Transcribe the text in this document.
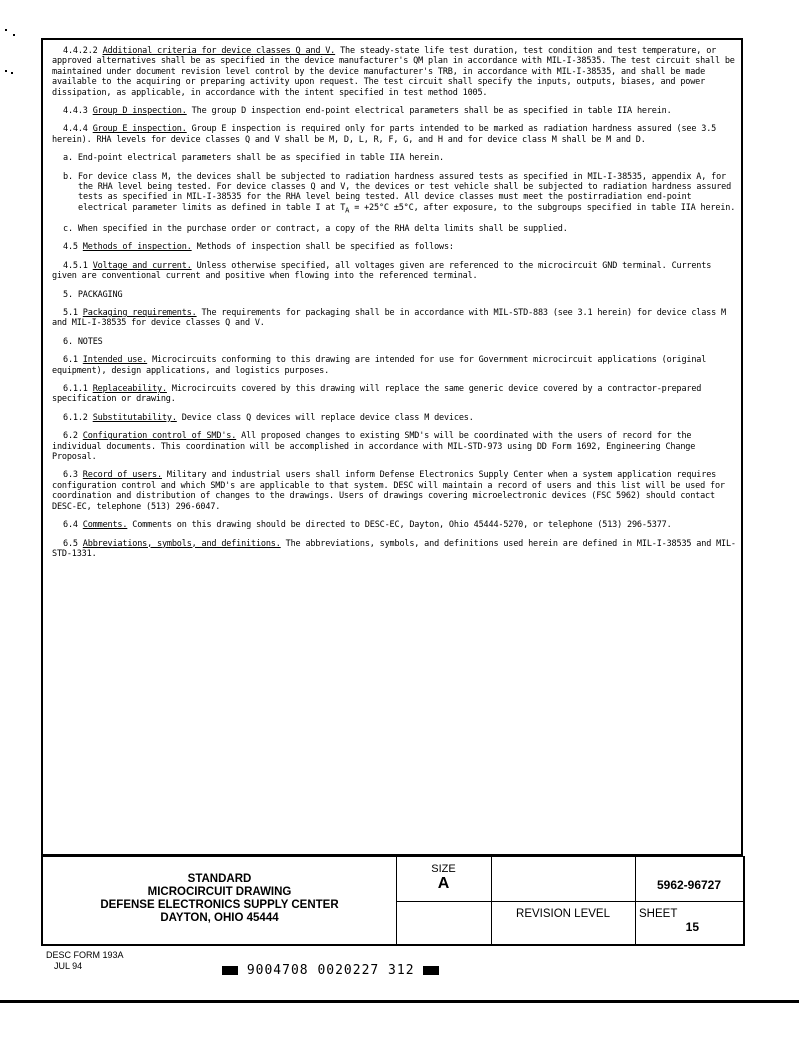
4.4.2.2 Additional criteria for device classes Q and V. The steady-state life test duration, test condition and test temperature, or approved alternatives shall be as specified in the device manufacturer's QM plan in accordance with MIL-I-38535. The test circuit shall be maintained under document revision level control by the device manufacturer's TRB, in accordance with MIL-I-38535, and shall be made available to the acquiring or preparing activity upon request. The test circuit shall specify the inputs, outputs, biases, and power dissipation, as applicable, in accordance with the intent specified in test method 1005.

4.4.3 Group D inspection. The group D inspection end-point electrical parameters shall be as specified in table IIA herein.

4.4.4 Group E inspection. Group E inspection is required only for parts intended to be marked as radiation hardness assured (see 3.5 herein). RHA levels for device classes Q and V shall be M, D, L, R, F, G, and H and for device class M shall be M and D.

a. End-point electrical parameters shall be as specified in table IIA herein.

b. For device class M, the devices shall be subjected to radiation hardness assured tests as specified in MIL-I-38535, appendix A, for the RHA level being tested. For device classes Q and V, the devices or test vehicle shall be subjected to radiation hardness assured tests as specified in MIL-I-38535 for the RHA level being tested. All device classes must meet the postirradiation end-point electrical parameter limits as defined in table I at $T_A = +25^\circ C \pm 5^\circ C$, after exposure, to the subgroups specified in table IIA herein.

c. When specified in the purchase order or contract, a copy of the RHA delta limits shall be supplied.

4.5 Methods of inspection. Methods of inspection shall be specified as follows:

4.5.1 Voltage and current. Unless otherwise specified, all voltages given are referenced to the microcircuit GND terminal. Currents given are conventional current and positive when flowing into the referenced terminal.

5. PACKAGING

5.1 Packaging requirements. The requirements for packaging shall be in accordance with MIL-STD-883 (see 3.1 herein) for device class M and MIL-I-38535 for device classes Q and V.

6. NOTES

6.1 Intended use. Microcircuits conforming to this drawing are intended for use for Government microcircuit applications (original equipment), design applications, and logistics purposes.

6.1.1 Replaceability. Microcircuits covered by this drawing will replace the same generic device covered by a contractor-prepared specification or drawing.

6.1.2 Substitutability. Device class Q devices will replace device class M devices.

6.2 Configuration control of SMD's. All proposed changes to existing SMD's will be coordinated with the users of record for the individual documents. This coordination will be accomplished in accordance with MIL-STD-973 using DD Form 1692, Engineering Change Proposal.

6.3 Record of users. Military and industrial users shall inform Defense Electronics Supply Center when a system application requires configuration control and which SMD's are applicable to that system. DESC will maintain a record of users and this list will be used for coordination and distribution of changes to the drawings. Users of drawings covering microelectronic devices (FSC 5962) should contact DESC-EC, telephone (513) 296-6047.

6.4 Comments. Comments on this drawing should be directed to DESC-EC, Dayton, Ohio 45444-5270, or telephone (513) 296-5377.

6.5 Abbreviations, symbols, and definitions. The abbreviations, symbols, and definitions used herein are defined in MIL-I-38535 and MIL-STD-1331.

STANDARD
MICROCIRCUIT DRAWING
DEFENSE ELECTRONICS SUPPLY CENTER
DAYTON, OHIO 45444
SIZE
A	5962-96727
REVISION LEVEL	SHEET
15
DESC FORM 193A
JUL 94	9004708 0020227 312
